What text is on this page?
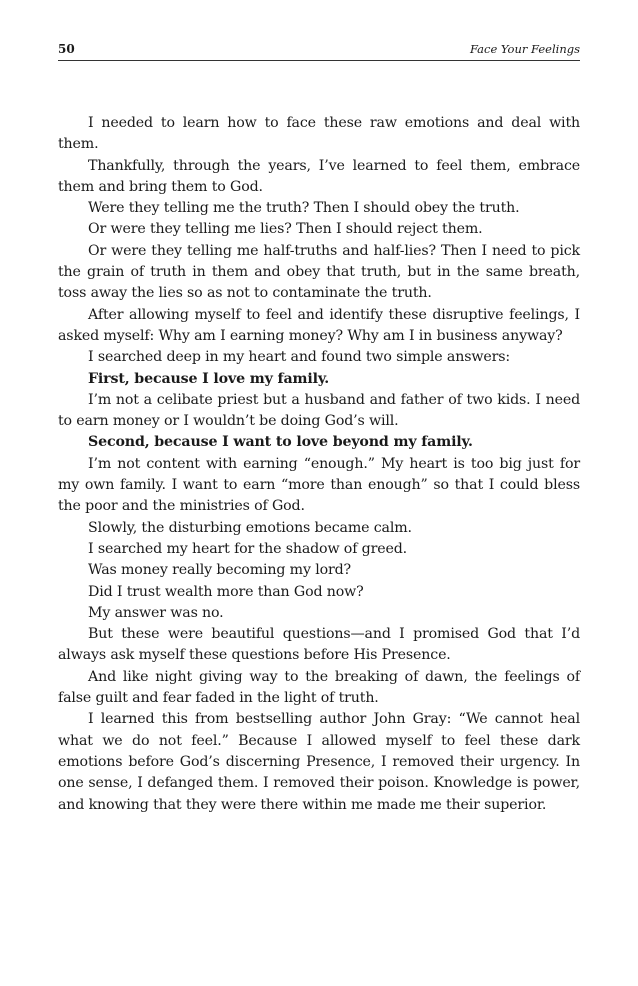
50	Face Your Feelings

I needed to learn how to face these raw emotions and deal with them.

Thankfully, through the years, I’ve learned to feel them, embrace them and bring them to God.

Were they telling me the truth? Then I should obey the truth.

Or were they telling me lies? Then I should reject them.

Or were they telling me half-truths and half-lies? Then I need to pick the grain of truth in them and obey that truth, but in the same breath, toss away the lies so as not to contaminate the truth.

After allowing myself to feel and identify these disruptive feelings, I asked myself: Why am I earning money? Why am I in business anyway?

I searched deep in my heart and found two simple answers:

First, because I love my family.

I’m not a celibate priest but a husband and father of two kids. I need to earn money or I wouldn’t be doing God’s will.

Second, because I want to love beyond my family.

I’m not content with earning “enough.” My heart is too big just for my own family. I want to earn “more than enough” so that I could bless the poor and the ministries of God.

Slowly, the disturbing emotions became calm.

I searched my heart for the shadow of greed.

Was money really becoming my lord?

Did I trust wealth more than God now?

My answer was no.

But these were beautiful questions—and I promised God that I’d always ask myself these questions before His Presence.

And like night giving way to the breaking of dawn, the feelings of false guilt and fear faded in the light of truth.

I learned this from bestselling author John Gray: “We cannot heal what we do not feel.” Because I allowed myself to feel these dark emotions before God’s discerning Presence, I removed their urgency. In one sense, I defanged them. I removed their poison. Knowledge is power, and knowing that they were there within me made me their superior.
